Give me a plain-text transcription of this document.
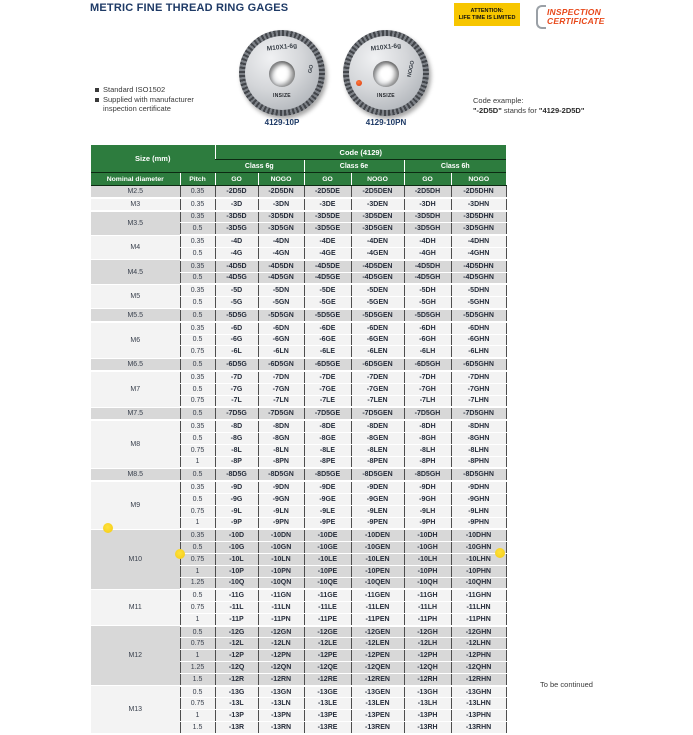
METRIC FINE THREAD RING GAGES	ATTENTION:
LIFE TIME IS LIMITED
INSPECTION
CERTIFICATE
M10X1-6g
GO
INSIZE
4129-10P
M10X1-6g
NOGO
INSIZE
4129-10PN
Standard ISO1502
Supplied with manufacturer inspection certificate
Code example:
"-2D5D" stands for "4129-2D5D"
Size (mm)		Code (4129)					
		Class 6g		Class 6e		Class 6h	
Nominal diameter	Pitch	GO	NOGO	GO	NOGO	GO	NOGO
M2.5	0.35	-2D5D	-2D5DN	-2D5DE	-2D5DEN	-2D5DH	-2D5DHN
M3	0.35	-3D	-3DN	-3DE	-3DEN	-3DH	-3DHN
M3.5	0.35	-3D5D	-3D5DN	-3D5DE	-3D5DEN	-3D5DH	-3D5DHN
	0.5	-3D5G	-3D5GN	-3D5GE	-3D5GEN	-3D5GH	-3D5GHN
M4	0.35	-4D	-4DN	-4DE	-4DEN	-4DH	-4DHN
	0.5	-4G	-4GN	-4GE	-4GEN	-4GH	-4GHN
M4.5	0.35	-4D5D	-4D5DN	-4D5DE	-4D5DEN	-4D5DH	-4D5DHN
	0.5	-4D5G	-4D5GN	-4D5GE	-4D5GEN	-4D5GH	-4D5GHN
M5	0.35	-5D	-5DN	-5DE	-5DEN	-5DH	-5DHN
	0.5	-5G	-5GN	-5GE	-5GEN	-5GH	-5GHN
M5.5	0.5	-5D5G	-5D5GN	-5D5GE	-5D5GEN	-5D5GH	-5D5GHN
M6	0.35	-6D	-6DN	-6DE	-6DEN	-6DH	-6DHN
	0.5	-6G	-6GN	-6GE	-6GEN	-6GH	-6GHN
	0.75	-6L	-6LN	-6LE	-6LEN	-6LH	-6LHN
M6.5	0.5	-6D5G	-6D5GN	-6D5GE	-6D5GEN	-6D5GH	-6D5GHN
M7	0.35	-7D	-7DN	-7DE	-7DEN	-7DH	-7DHN
	0.5	-7G	-7GN	-7GE	-7GEN	-7GH	-7GHN
	0.75	-7L	-7LN	-7LE	-7LEN	-7LH	-7LHN
M7.5	0.5	-7D5G	-7D5GN	-7D5GE	-7D5GEN	-7D5GH	-7D5GHN
M8	0.35	-8D	-8DN	-8DE	-8DEN	-8DH	-8DHN
	0.5	-8G	-8GN	-8GE	-8GEN	-8GH	-8GHN
	0.75	-8L	-8LN	-8LE	-8LEN	-8LH	-8LHN
	1	-8P	-8PN	-8PE	-8PEN	-8PH	-8PHN
M8.5	0.5	-8D5G	-8D5GN	-8D5GE	-8D5GEN	-8D5GH	-8D5GHN
M9	0.35	-9D	-9DN	-9DE	-9DEN	-9DH	-9DHN
	0.5	-9G	-9GN	-9GE	-9GEN	-9GH	-9GHN
	0.75	-9L	-9LN	-9LE	-9LEN	-9LH	-9LHN
	1	-9P	-9PN	-9PE	-9PEN	-9PH	-9PHN
M10	0.35	-10D	-10DN	-10DE	-10DEN	-10DH	-10DHN
	0.5	-10G	-10GN	-10GE	-10GEN	-10GH	-10GHN
	0.75	-10L	-10LN	-10LE	-10LEN	-10LH	-10LHN
	1	-10P	-10PN	-10PE	-10PEN	-10PH	-10PHN
	1.25	-10Q	-10QN	-10QE	-10QEN	-10QH	-10QHN
M11	0.5	-11G	-11GN	-11GE	-11GEN	-11GH	-11GHN
	0.75	-11L	-11LN	-11LE	-11LEN	-11LH	-11LHN
	1	-11P	-11PN	-11PE	-11PEN	-11PH	-11PHN
M12	0.5	-12G	-12GN	-12GE	-12GEN	-12GH	-12GHN
	0.75	-12L	-12LN	-12LE	-12LEN	-12LH	-12LHN
	1	-12P	-12PN	-12PE	-12PEN	-12PH	-12PHN
	1.25	-12Q	-12QN	-12QE	-12QEN	-12QH	-12QHN
	1.5	-12R	-12RN	-12RE	-12REN	-12RH	-12RHN
M13	0.5	-13G	-13GN	-13GE	-13GEN	-13GH	-13GHN
	0.75	-13L	-13LN	-13LE	-13LEN	-13LH	-13LHN
	1	-13P	-13PN	-13PE	-13PEN	-13PH	-13PHN
	1.5	-13R	-13RN	-13RE	-13REN	-13RH	-13RHN
To be continued
